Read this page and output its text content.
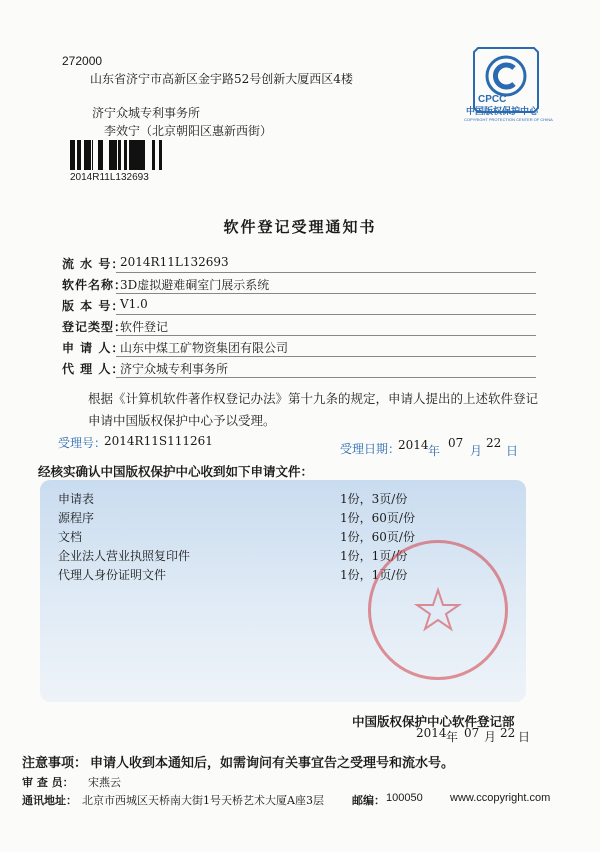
272000
山东省济宁市高新区金宇路52号创新大厦西区4楼
济宁众城专利事务所
李效宁（北京朝阳区惠新西街）
2014R11L132693
CPCC
中国版权保护中心
COPYRIGHT PROTECTION CENTER OF CHINA
软件登记受理通知书
流 水 号：
2014R11L132693
软件名称：
3D虚拟避难硐室门展示系统
版 本 号：
V1.0
登记类型：
软件登记
申 请 人：
山东中煤工矿物资集团有限公司
代 理 人：
济宁众城专利事务所
根据《计算机软件著作权登记办法》第十九条的规定，申请人提出的上述软件登记申请中国版权保护中心予以受理。
受理号：
2014R11S111261
受理日期：
2014 年
07
月
22
日
经核实确认中国版权保护中心收到如下申请文件：
申请表	1份，3页/份
源程序	1份，60页/份
文档	1份，60页/份
企业法人营业执照复印件	1份，1页/份
代理人身份证明文件	1份，1页/份
中国版权保护中心软件登记部
2014 年 07 月 22 日
注意事项： 申请人收到本通知后，如需询问有关事宜告之受理号和流水号。
审 查 员： 宋燕云
通讯地址： 北京市西城区天桥南大街1号天桥艺术大厦A座3层	邮编： 100050 www.ccopyright.com
